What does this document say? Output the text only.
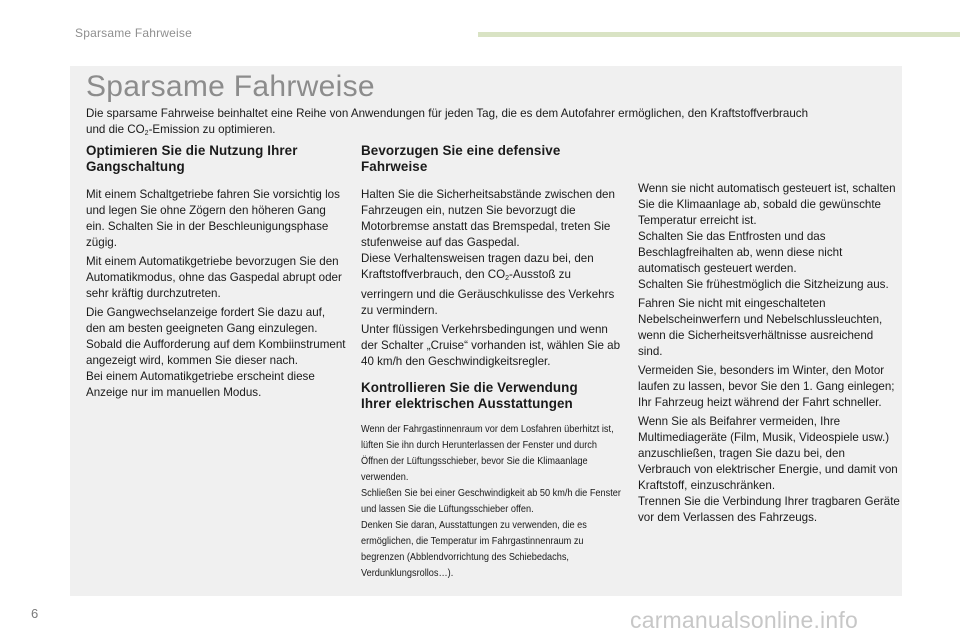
Sparsame Fahrweise
Sparsame Fahrweise
Die sparsame Fahrweise beinhaltet eine Reihe von Anwendungen für jeden Tag, die es dem Autofahrer ermöglichen, den Kraftstoffverbrauch
und die $CO_2$-Emission zu optimieren.
Optimieren Sie die Nutzung Ihrer
Gangschaltung

Mit einem Schaltgetriebe fahren Sie vorsichtig los und legen Sie ohne Zögern den höheren Gang ein. Schalten Sie in der Beschleunigungsphase zügig.

Mit einem Automatikgetriebe bevorzugen Sie den Automatikmodus, ohne das Gaspedal abrupt oder sehr kräftig durchzutreten.

Die Gangwechselanzeige fordert Sie dazu auf, den am besten geeigneten Gang einzulegen. Sobald die Aufforderung auf dem Kombiinstrument angezeigt wird, kommen Sie dieser nach.

Bei einem Automatikgetriebe erscheint diese Anzeige nur im manuellen Modus.

Bevorzugen Sie eine defensive
Fahrweise

Halten Sie die Sicherheitsabstände zwischen den Fahrzeugen ein, nutzen Sie bevorzugt die Motorbremse anstatt das Bremspedal, treten Sie stufenweise auf das Gaspedal.

Diese Verhaltensweisen tragen dazu bei, den Kraftstoffverbrauch, den $CO_2$-Ausstoß zu verringern und die Geräuschkulisse des Verkehrs zu vermindern.

Unter flüssigen Verkehrsbedingungen und wenn der Schalter „Cruise“ vorhanden ist, wählen Sie ab 40 km/h den Geschwindigkeitsregler.

Kontrollieren Sie die Verwendung
Ihrer elektrischen Ausstattungen

Wenn der Fahrgastinnenraum vor dem Losfahren überhitzt ist, lüften Sie ihn durch Herunterlassen der Fenster und durch Öffnen der Lüftungsschieber, bevor Sie die Klimaanlage verwenden.

Schließen Sie bei einer Geschwindigkeit ab 50 km/h die Fenster und lassen Sie die Lüftungsschieber offen.

Denken Sie daran, Ausstattungen zu verwenden, die es ermöglichen, die Temperatur im Fahrgastinnenraum zu begrenzen (Abblendvorrichtung des Schiebedachs, Verdunklungsrollos…).

Wenn sie nicht automatisch gesteuert ist, schalten Sie die Klimaanlage ab, sobald die gewünschte Temperatur erreicht ist.

Schalten Sie das Entfrosten und das Beschlagfreihalten ab, wenn diese nicht automatisch gesteuert werden.

Schalten Sie frühestmöglich die Sitzheizung aus.

Fahren Sie nicht mit eingeschalteten Nebelscheinwerfern und Nebelschlussleuchten, wenn die Sicherheitsverhältnisse ausreichend sind.

Vermeiden Sie, besonders im Winter, den Motor laufen zu lassen, bevor Sie den 1. Gang einlegen; Ihr Fahrzeug heizt während der Fahrt schneller.

Wenn Sie als Beifahrer vermeiden, Ihre Multimediageräte (Film, Musik, Videospiele usw.) anzuschließen, tragen Sie dazu bei, den Verbrauch von elektrischer Energie, und damit von Kraftstoff, einzuschränken.

Trennen Sie die Verbindung Ihrer tragbaren Geräte vor dem Verlassen des Fahrzeugs.

6	carmanualsonline.info
